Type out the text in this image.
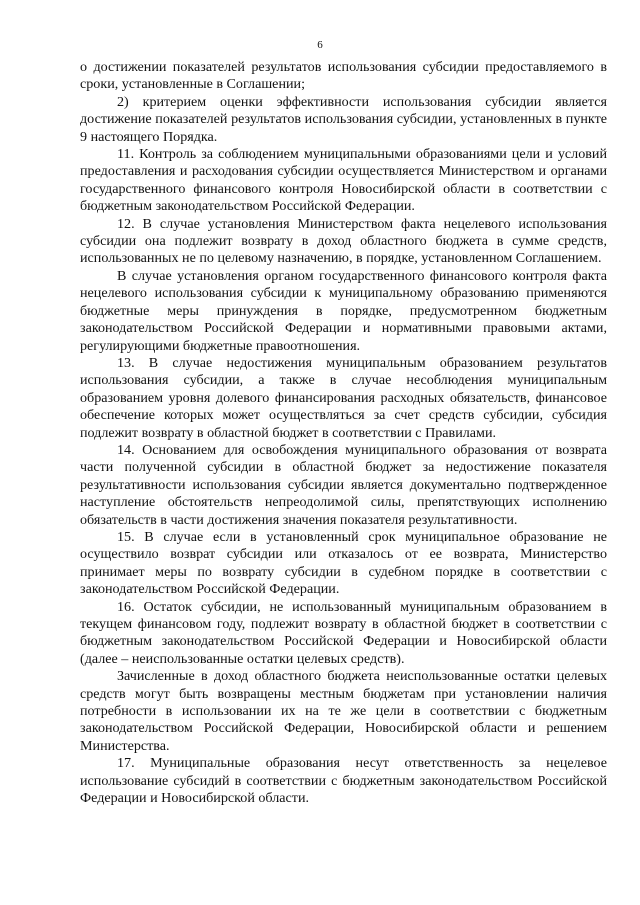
6

о достижении показателей результатов использования субсидии предоставляемого в сроки, установленные в Соглашении;

2) критерием оценки эффективности использования субсидии является достижение показателей результатов использования субсидии, установленных в пункте 9 настоящего Порядка.

11. Контроль за соблюдением муниципальными образованиями цели и условий предоставления и расходования субсидии осуществляется Министерством и органами государственного финансового контроля Новосибирской области в соответствии с бюджетным законодательством Российской Федерации.

12. В случае установления Министерством факта нецелевого использования субсидии она подлежит возврату в доход областного бюджета в сумме средств, использованных не по целевому назначению, в порядке, установленном Соглашением.

В случае установления органом государственного финансового контроля факта нецелевого использования субсидии к муниципальному образованию применяются бюджетные меры принуждения в порядке, предусмотренном бюджетным законодательством Российской Федерации и нормативными правовыми актами, регулирующими бюджетные правоотношения.

13. В случае недостижения муниципальным образованием результатов использования субсидии, а также в случае несоблюдения муниципальным образованием уровня долевого финансирования расходных обязательств, финансовое обеспечение которых может осуществляться за счет средств субсидии, субсидия подлежит возврату в областной бюджет в соответствии с Правилами.

14. Основанием для освобождения муниципального образования от возврата части полученной субсидии в областной бюджет за недостижение показателя результативности использования субсидии является документально подтвержденное наступление обстоятельств непреодолимой силы, препятствующих исполнению обязательств в части достижения значения показателя результативности.

15. В случае если в установленный срок муниципальное образование не осуществило возврат субсидии или отказалось от ее возврата, Министерство принимает меры по возврату субсидии в судебном порядке в соответствии с законодательством Российской Федерации.

16. Остаток субсидии, не использованный муниципальным образованием в текущем финансовом году, подлежит возврату в областной бюджет в соответствии с бюджетным законодательством Российской Федерации и Новосибирской области (далее – неиспользованные остатки целевых средств).

Зачисленные в доход областного бюджета неиспользованные остатки целевых средств могут быть возвращены местным бюджетам при установлении наличия потребности в использовании их на те же цели в соответствии с бюджетным законодательством Российской Федерации, Новосибирской области и решением Министерства.

17. Муниципальные образования несут ответственность за нецелевое использование субсидий в соответствии с бюджетным законодательством Российской Федерации и Новосибирской области.
